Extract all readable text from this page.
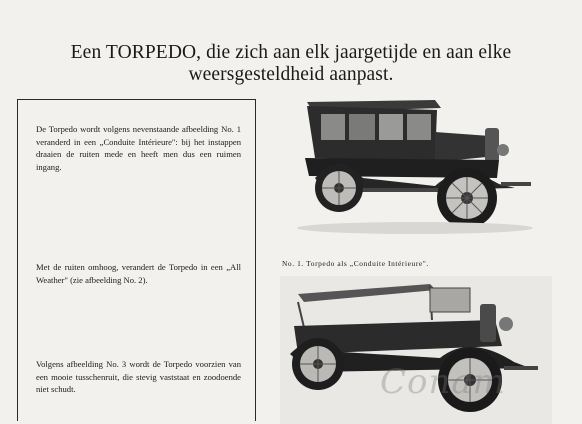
Een TORPEDO, die zich aan elk jaargetijde en aan elke
weersgesteldheid aanpast.
De Torpedo wordt volgens nevenstaande afbeelding No. 1 veranderd in een „Conduite Intérieure": bij het instappen draaien de ruiten mede en heeft men dus een ruimen ingang.
Met de ruiten omhoog, verandert de Torpedo in een „All Weather" (zie afbeelding No. 2).
Volgens afbeelding No. 3 wordt de Torpedo voorzien van een mooie tusschenruit, die stevig vaststaat en zoodoende niet schudt.
No. 1. Torpedo als „Conduite Intérieure".
Conam
